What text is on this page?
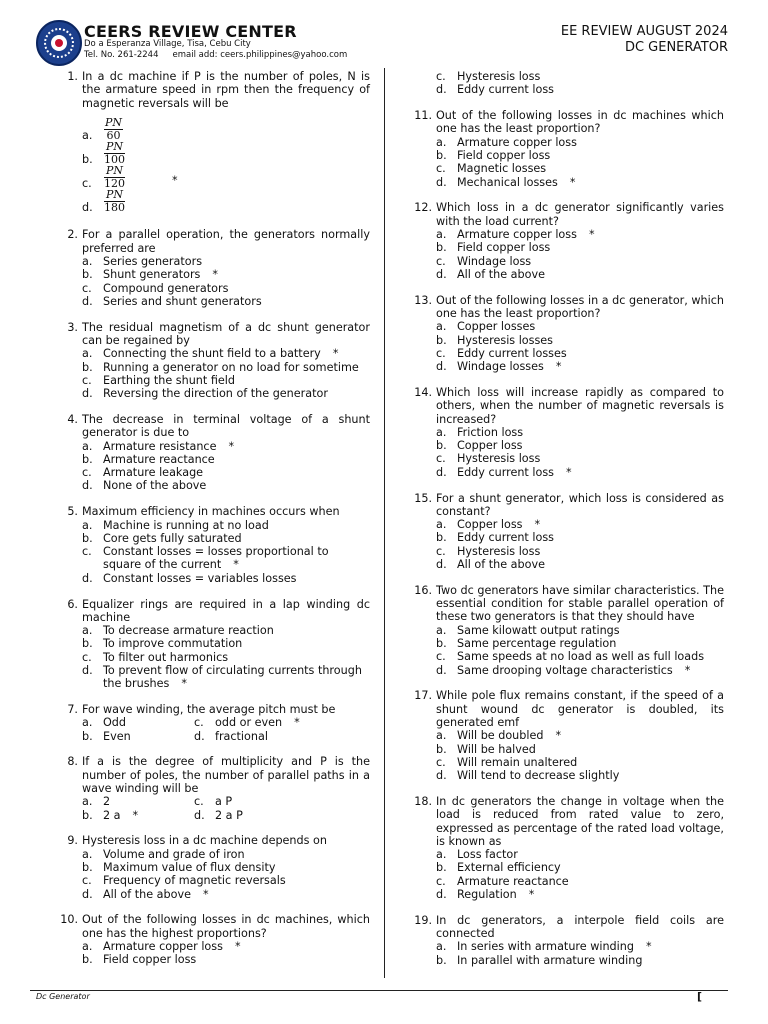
CEERS REVIEW CENTER
Do a Esperanza Village, Tisa, Cebu City
Tel. No. 261-2244 email add: ceers.philippines@yahoo.com
EE REVIEW AUGUST 2024
DC GENERATOR
1. In a dc machine if P is the number of poles, N is the armature speed in rpm then the frequency of magnetic reversals will be
a. $\frac{PN}{60}$
b. $\frac{PN}{100}$
c. $\frac{PN}{120}$	*
d. $\frac{PN}{180}$
2. For a parallel operation, the generators normally preferred are
a. Series generators
b. Shunt generators *
c. Compound generators
d. Series and shunt generators
3. The residual magnetism of a dc shunt generator can be regained by
a. Connecting the shunt field to a battery *
b. Running a generator on no load for sometime
c. Earthing the shunt field
d. Reversing the direction of the generator
4. The decrease in terminal voltage of a shunt generator is due to
a. Armature resistance *
b. Armature reactance
c. Armature leakage
d. None of the above
5. Maximum efficiency in machines occurs when
a. Machine is running at no load
b. Core gets fully saturated
c. Constant losses = losses proportional to square of the current *
d. Constant losses = variables losses
6. Equalizer rings are required in a lap winding dc machine
a. To decrease armature reaction
b. To improve commutation
c. To filter out harmonics
d. To prevent flow of circulating currents through the brushes *
7. For wave winding, the average pitch must be
a. Odd	c. odd or even *
b. Even	d. fractional
8. If a is the degree of multiplicity and P is the number of poles, the number of parallel paths in a wave winding will be
a. 2	c. a P
b. 2 a *	d. 2 a P
9. Hysteresis loss in a dc machine depends on
a. Volume and grade of iron
b. Maximum value of flux density
c. Frequency of magnetic reversals
d. All of the above *
10. Out of the following losses in dc machines, which one has the highest proportions?
a. Armature copper loss *
b. Field copper loss
c. Hysteresis loss
d. Eddy current loss
11. Out of the following losses in dc machines which one has the least proportion?
a. Armature copper loss
b. Field copper loss
c. Magnetic losses
d. Mechanical losses *
12. Which loss in a dc generator significantly varies with the load current?
a. Armature copper loss *
b. Field copper loss
c. Windage loss
d. All of the above
13. Out of the following losses in a dc generator, which one has the least proportion?
a. Copper losses
b. Hysteresis losses
c. Eddy current losses
d. Windage losses *
14. Which loss will increase rapidly as compared to others, when the number of magnetic reversals is increased?
a. Friction loss
b. Copper loss
c. Hysteresis loss
d. Eddy current loss *
15. For a shunt generator, which loss is considered as constant?
a. Copper loss *
b. Eddy current loss
c. Hysteresis loss
d. All of the above
16. Two dc generators have similar characteristics. The essential condition for stable parallel operation of these two generators is that they should have
a. Same kilowatt output ratings
b. Same percentage regulation
c. Same speeds at no load as well as full loads
d. Same drooping voltage characteristics *
17. While pole flux remains constant, if the speed of a shunt wound dc generator is doubled, its generated emf
a. Will be doubled *
b. Will be halved
c. Will remain unaltered
d. Will tend to decrease slightly
18. In dc generators the change in voltage when the load is reduced from rated value to zero, expressed as percentage of the rated load voltage, is known as
a. Loss factor
b. External efficiency
c. Armature reactance
d. Regulation *
19. In dc generators, a interpole field coils are connected
a. In series with armature winding *
b. In parallel with armature winding
Dc Generator	[
